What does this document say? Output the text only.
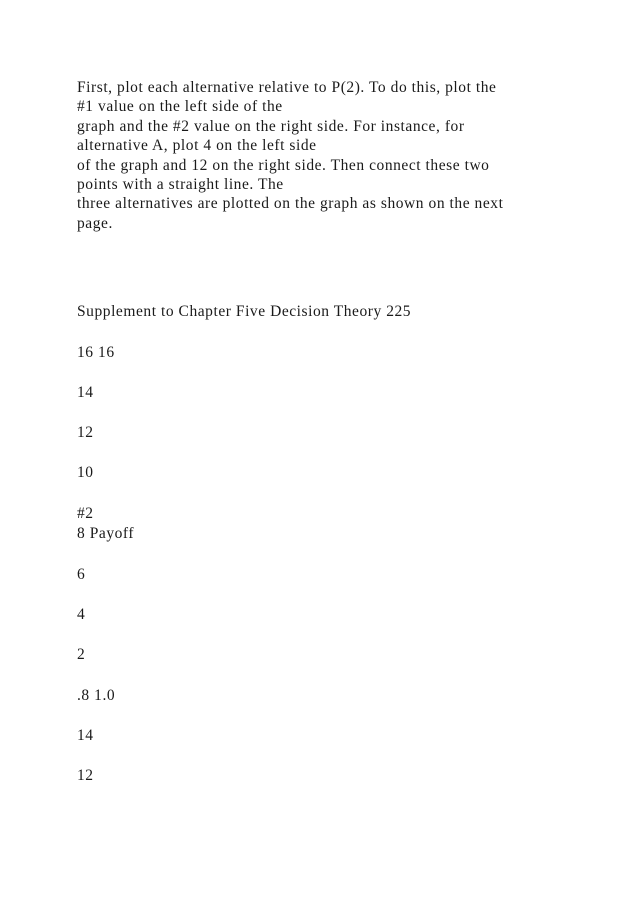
First, plot each alternative relative to P(2). To do this, plot the
#1 value on the left side of the
graph and the #2 value on the right side. For instance, for
alternative A, plot 4 on the left side
of the graph and 12 on the right side. Then connect these two
points with a straight line. The
three alternatives are plotted on the graph as shown on the next
page.
Supplement to Chapter Five Decision Theory 225
16 16
14
12
10
#2
8 Payoff
6
4
2
.8 1.0
14
12
